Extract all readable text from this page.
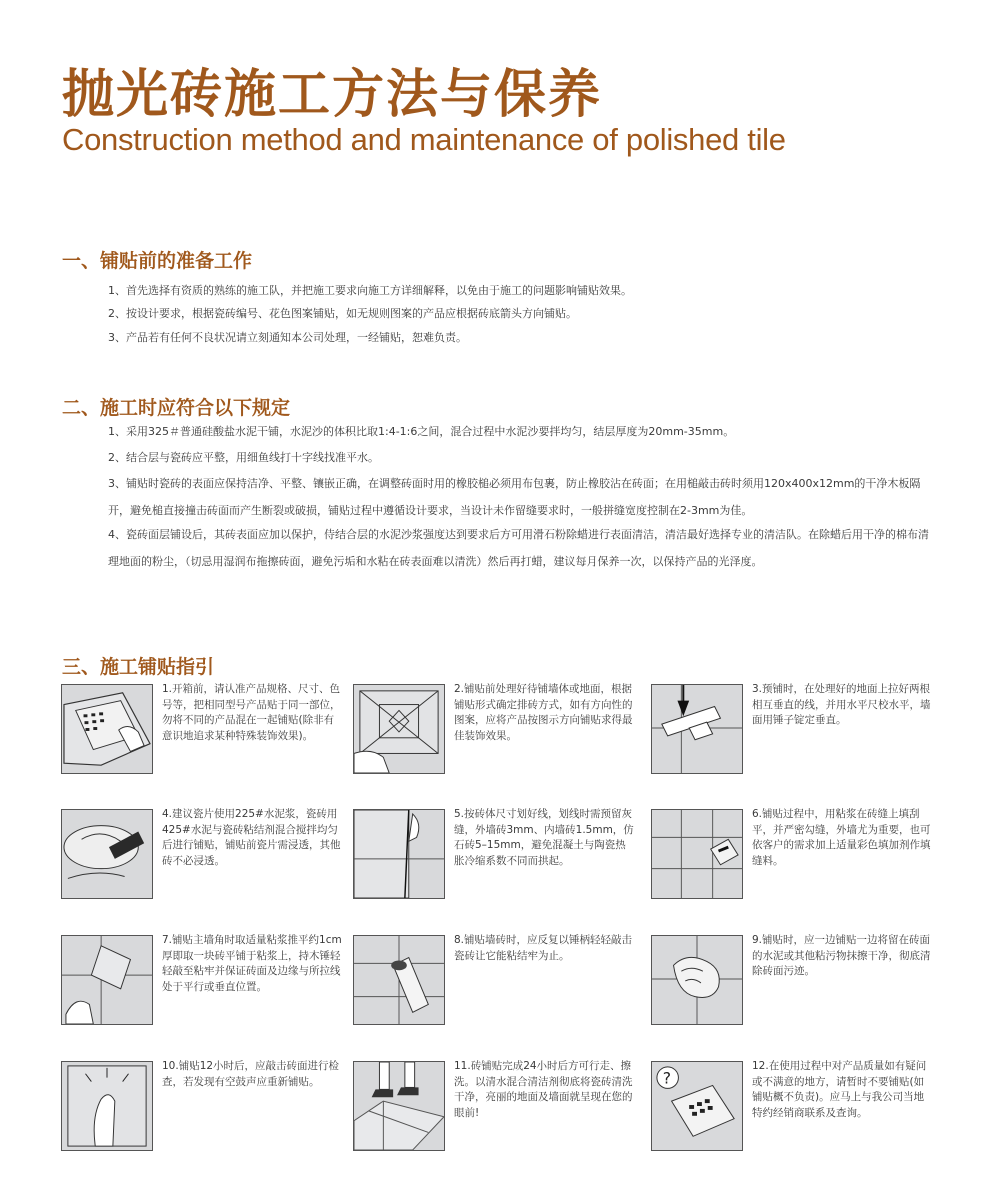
抛光砖施工方法与保养
Construction method and maintenance of polished tile
一、铺贴前的准备工作
1、首先选择有资质的熟练的施工队，并把施工要求向施工方详细解释，以免由于施工的问题影响铺贴效果。
2、按设计要求，根据瓷砖编号、花色图案铺贴，如无规则图案的产品应根据砖底箭头方向铺贴。
3、产品若有任何不良状况请立刻通知本公司处理，一经铺贴，恕难负责。
二、施工时应符合以下规定
1、采用325＃普通硅酸盐水泥干铺，水泥沙的体积比取1:4-1:6之间，混合过程中水泥沙要拌均匀，结层厚度为20mm-35mm。
2、结合层与瓷砖应平整，用细鱼线打十字线找准平水。
3、铺贴时瓷砖的表面应保持洁净、平整、镶嵌正确，在调整砖面时用的橡胶槌必须用布包裹，防止橡胶沾在砖面；在用槌敲击砖时须用120x400x12mm的干净木板隔开，避免槌直接撞击砖面而产生断裂或破损，铺贴过程中遵循设计要求，当设计未作留缝要求时，一般拼缝宽度控制在2-3mm为佳。
4、瓷砖面层铺设后，其砖表面应加以保护，侍结合层的水泥沙浆强度达到要求后方可用滑石粉除蜡进行表面清洁，清洁最好选择专业的清洁队。在除蜡后用干净的棉布清理地面的粉尘，（切忌用湿润布拖擦砖面，避免污垢和水粘在砖表面难以清洗）然后再打蜡，建议每月保养一次，以保持产品的光泽度。
三、施工铺贴指引
1.开箱前，请认准产品规格、尺寸、色号等，把相同型号产品贴于同一部位，勿将不同的产品混在一起铺贴(除非有意识地追求某种特殊装饰效果)。
2.铺贴前处理好待铺墙体或地面，根据铺贴形式确定排砖方式，如有方向性的图案，应将产品按图示方向铺贴求得最佳装饰效果。
3.预铺时，在处理好的地面上拉好两根相互垂直的线，并用水平尺校水平，墙面用锤子锭定垂直。
4.建议瓷片使用225#水泥浆，瓷砖用425#水泥与瓷砖粘结剂混合搅拌均匀后进行铺贴，铺贴前瓷片需浸透，其他砖不必浸透。
5.按砖体尺寸划好线，划线时需预留灰缝，外墙砖3mm、内墙砖1.5mm，仿石砖5–15mm，避免混凝土与陶瓷热胀冷缩系数不同而拱起。
6.铺贴过程中，用粘浆在砖缝上填刮平，并严密勾缝，外墙尤为重要，也可依客户的需求加上适量彩色填加剂作填缝料。
7.铺贴主墙角时取适量粘浆推平约1cm厚即取一块砖平铺于粘浆上，持木锤轻轻敲至粘牢并保证砖面及边缘与所拉线处于平行或垂直位置。
8.铺贴墙砖时，应反复以锤柄轻轻敲击瓷砖让它能粘结牢为止。
9.铺贴时，应一边铺贴一边将留在砖面的水泥或其他粘污物抹擦干净，彻底清除砖面污迹。
10.铺贴12小时后，应敲击砖面进行检查，若发现有空鼓声应重新铺贴。
11.砖铺贴完成24小时后方可行走、擦洗。以清水混合清洁剂彻底将瓷砖清洗干净，亮丽的地面及墙面就呈现在您的眼前!
?
12.在使用过程中对产品质量如有疑问或不满意的地方，请暂时不要铺贴(如铺贴概不负责)。应马上与我公司当地特约经销商联系及查询。
